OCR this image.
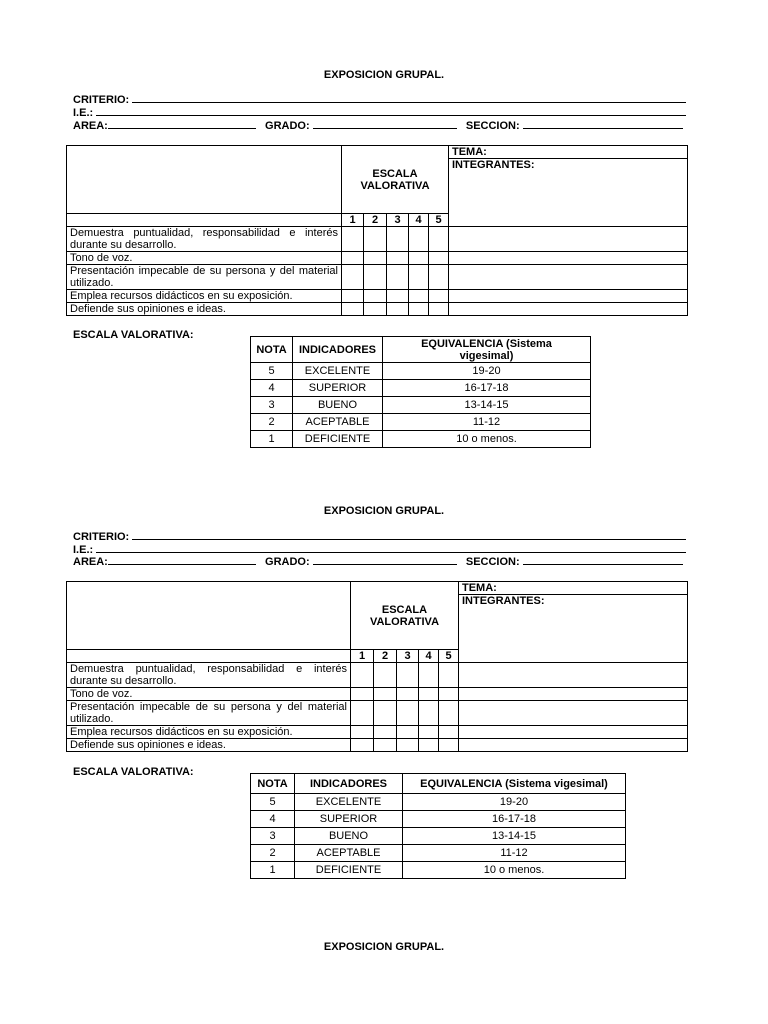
EXPOSICION GRUPAL.
CRITERIO:
I.E.:
AREA:	GRADO:	SECCION:
	ESCALA VALORATIVA					TEMA:
						INTEGRANTES:
	1	2	3	4	5	
Demuestra puntualidad, responsabilidad e interés durante su desarrollo.						
Tono de voz.						
Presentación impecable de su persona y del material utilizado.						
Emplea recursos didácticos en su exposición.						
Defiende sus opiniones e ideas.						
ESCALA VALORATIVA:
NOTA	INDICADORES	EQUIVALENCIA (Sistema vigesimal)
5	EXCELENTE	19-20
4	SUPERIOR	16-17-18
3	BUENO	13-14-15
2	ACEPTABLE	11-12
1	DEFICIENTE	10 o menos.
EXPOSICION GRUPAL.
CRITERIO:
I.E.:
AREA:	GRADO:	SECCION:
	ESCALA VALORATIVA					TEMA:
						INTEGRANTES:
	1	2	3	4	5	
Demuestra puntualidad, responsabilidad e interés durante su desarrollo.						
Tono de voz.						
Presentación impecable de su persona y del material utilizado.						
Emplea recursos didácticos en su exposición.						
Defiende sus opiniones e ideas.						
ESCALA VALORATIVA:
NOTA	INDICADORES	EQUIVALENCIA (Sistema vigesimal)
5	EXCELENTE	19-20
4	SUPERIOR	16-17-18
3	BUENO	13-14-15
2	ACEPTABLE	11-12
1	DEFICIENTE	10 o menos.
EXPOSICION GRUPAL.
